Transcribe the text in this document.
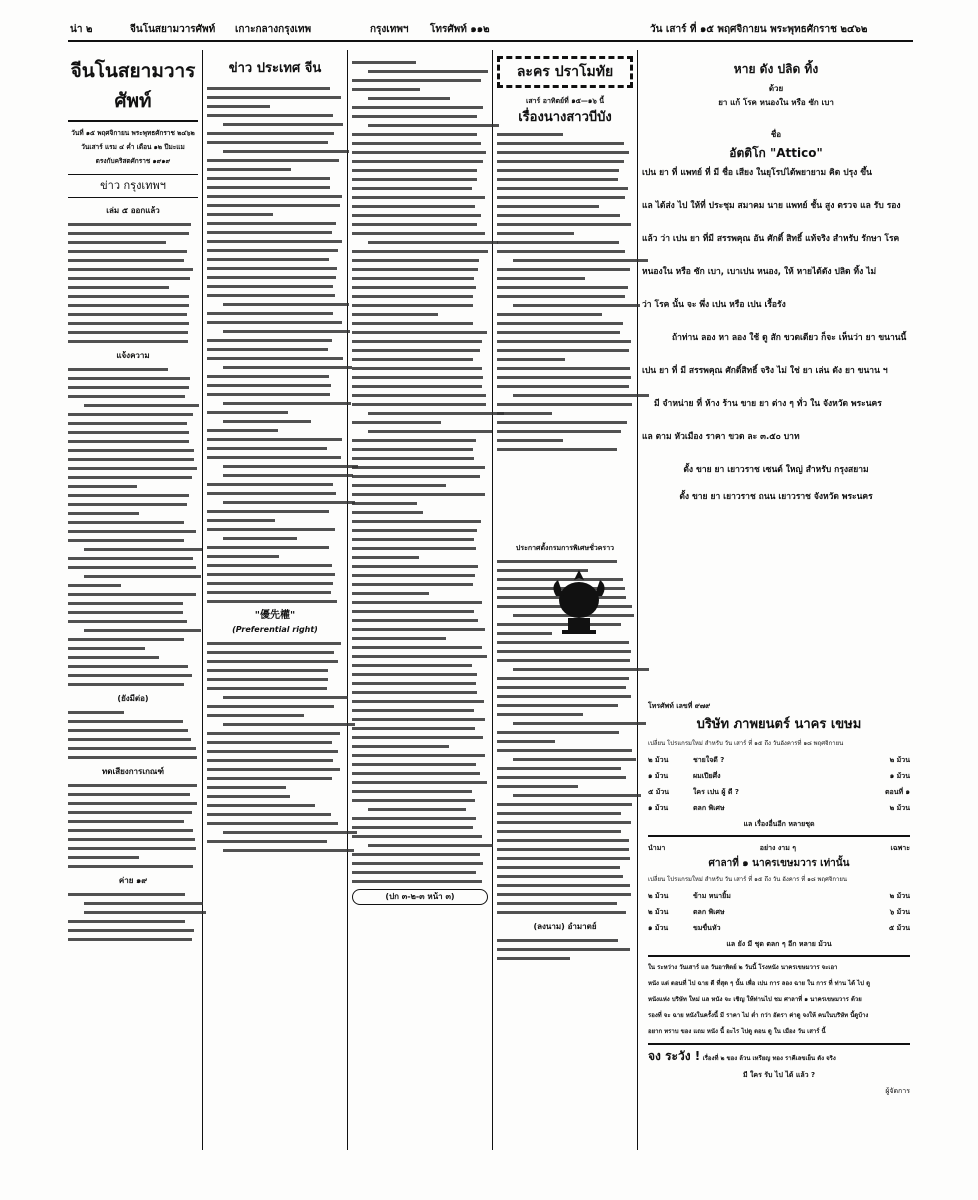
น่า ๒	จีนโนสยามวารศัพท์ เกาะกลางกรุงเทพ	กรุงเทพฯ โทรศัพท์ ๑๑๒	วัน เสาร์ ที่ ๑๕ พฤศจิกายน พระพุทธศักราช ๒๔๖๒
จีนโนสยามวารศัพท์
วันที่ ๑๕ พฤศจิกายน พระพุทธศักราช ๒๔๖๒
วันเสาร์ แรม ๔ ค่ำ เดือน ๑๒ ปีมะแม
ตรงกับคริสตศักราช ๑๙๑๙
ข่าว กรุงเทพฯ
เล่ม ๕ ออกแล้ว
แจ้งความ
(ยังมีต่อ)
ทดเสียงการเกณฑ์
ค่าย ๑๙
ข่าว ประเทศ จีน
"優先權"
(Preferential right)
(ปก ๓-๒-๓ หน้า ๓)
ละคร ปราโมทัย
เสาร์ อาทิตย์ที่ ๑๕—๑๖ นี้
เรื่องนางสาวบีบัง
ประกาศตั้งกรมการพิเศษชั่วคราว
(ลงนาม) อำมาตย์
หาย ดัง ปลิด ทิ้ง
ด้วย
ยา แก้ โรค หนองใน หรือ ซัก เบา
ชื่อ
อัตติโก "Attico"
เปน ยา ที่ แพทย์ ที่ มี ชื่อ เสียง ในยุโรปได้พยายาม คิด ปรุง ขึ้น
แล ได้ส่ง ไป ให้ที่ ประชุม สมาคม นาย แพทย์ ชั้น สูง ตรวจ แล รับ รอง
แล้ว ว่า เปน ยา ที่มี สรรพคุณ อัน ศักดิ์ สิทธิ์ แท้จริง สำหรับ รักษา โรค
หนองใน หรือ ซัก เบา, เบาเปน หนอง, ให้ หายได้ดัง ปลิด ทิ้ง ไม่
ว่า โรค นั้น จะ พึ่ง เปน หรือ เปน เรื้อรัง
ถ้าท่าน ลอง หา ลอง ใช้ ดู สัก ขวดเดียว ก็จะ เห็นว่า ยา ขนานนี้
เปน ยา ที่ มี สรรพคุณ ศักดิ์สิทธิ์ จริง ไม่ ใช่ ยา เล่น ดัง ยา ขนาน ฯ
มี จำหน่าย ที่ ห้าง ร้าน ขาย ยา ต่าง ๆ ทั่ว ใน จังหวัด พระนคร
แล ตาม หัวเมือง ราคา ขวด ละ ๓.๕๐ บาท
ตั้ง ขาย ยา เยาวราช เซนต์ ใหญ่ สำหรับ กรุงสยาม
ตั้ง ขาย ยา เยาวราช ถนน เยาวราช จังหวัด พระนคร
โทรศัพท์ เลขที่ ๙๗๙
บริษัท ภาพยนตร์ นาคร เขษม
เปลี่ยน โปรแกรมใหม่ สำหรับ วัน เสาร์ ที่ ๑๕ ถึง วันอังคารที่ ๑๘ พฤศจิกายน
๒ ม้วน	ชายใจดี ?	๒ ม้วน
๑ ม้วน	ผมเปียศึ่ง	๑ ม้วน
๕ ม้วน	ใคร เปน ผู้ ดี ?	ตอนที่ ๑
๑ ม้วน	ตลก พิเศษ	๒ ม้วน
แล เรื่องอื่นอีก หลายชุด
นำมา	อย่าง งาม ๆ	เฉพาะ
ศาลาที่ ๑ นาครเขษมวาร เท่านั้น
เปลี่ยน โปรแกรมใหม่ สำหรับ วัน เสาร์ ที่ ๑๕ ถึง วัน อังคาร ที่ ๑๘ พฤศจิกายน
๒ ม้วน	ข้าม หนายิ้ม	๒ ม้วน
๒ ม้วน	ตลก พิเศษ	๖ ม้วน
๑ ม้วน	ขมขื่นหัว	๕ ม้วน
แล ยัง มี ชุด ตลก ๆ อีก หลาย ม้วน
ใน ระหว่าง วันเสาร์ แล วันอาทิตย์ ๒ วันนี้ โรงหนัง นาครเขษมวาร จะเอา
หนัง แต่ ตอนที่ ไป ฉาย ดี ที่สุด ๆ นั้น เพื่อ เปน การ ลอง ฉาย ใน การ ที่ ท่าน ได้ ไป ดู
หนังแห่ง บริษัท ใหม่ แล หนัง จะ เชิญ ให้ท่านไป ชม ศาลาที่ ๑ นาครเขษมวาร ด้วย
รองที่ จะ ฉาย หนังในครั้งนี้ มี ราคา ไม่ ต่ำ กว่า อัตรา ค่าดู จงให้ คนในบริษัท นี้ดูบ้าง
อยาก ทราบ ของ แถม หนัง นี้ อะไร ไปดู ตอน ดู ใน เมือง วัน เสาร์ นี้
จง ระวัง ! เรื่องที่ ๒ ของ ล้วน เหรียญ ทอง ราคีเลขเย็น ดัง จริง
มี ใคร รับ ไป ได้ แล้ว ?
ผู้จัดการ
